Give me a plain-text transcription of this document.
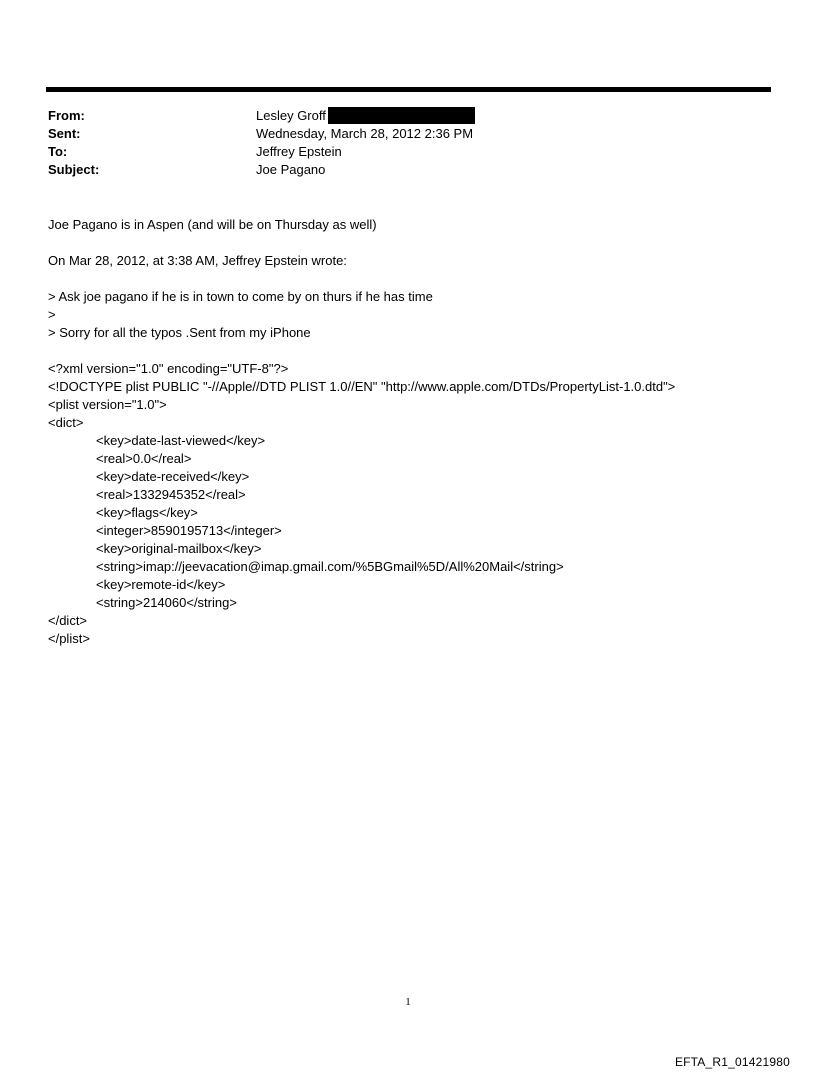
From:	Lesley Groff
Sent:	Wednesday, March 28, 2012 2:36 PM
To:	Jeffrey Epstein
Subject:	Joe Pagano
Joe Pagano is in Aspen (and will be on Thursday as well)
On Mar 28, 2012, at 3:38 AM, Jeffrey Epstein wrote:
> Ask joe pagano if he is in town to come by on thurs if he has time
>
> Sorry for all the typos .Sent from my iPhone
<?xml version="1.0" encoding="UTF-8"?>
<!DOCTYPE plist PUBLIC "-//Apple//DTD PLIST 1.0//EN" "http://www.apple.com/DTDs/PropertyList-1.0.dtd">
<plist version="1.0">
<dict>
<key>date-last-viewed</key>
<real>0.0</real>
<key>date-received</key>
<real>1332945352</real>
<key>flags</key>
<integer>8590195713</integer>
<key>original-mailbox</key>
<string>imap://jeevacation@imap.gmail.com/%5BGmail%5D/All%20Mail</string>
<key>remote-id</key>
<string>214060</string>
</dict>
</plist>
1
EFTA_R1_01421980
